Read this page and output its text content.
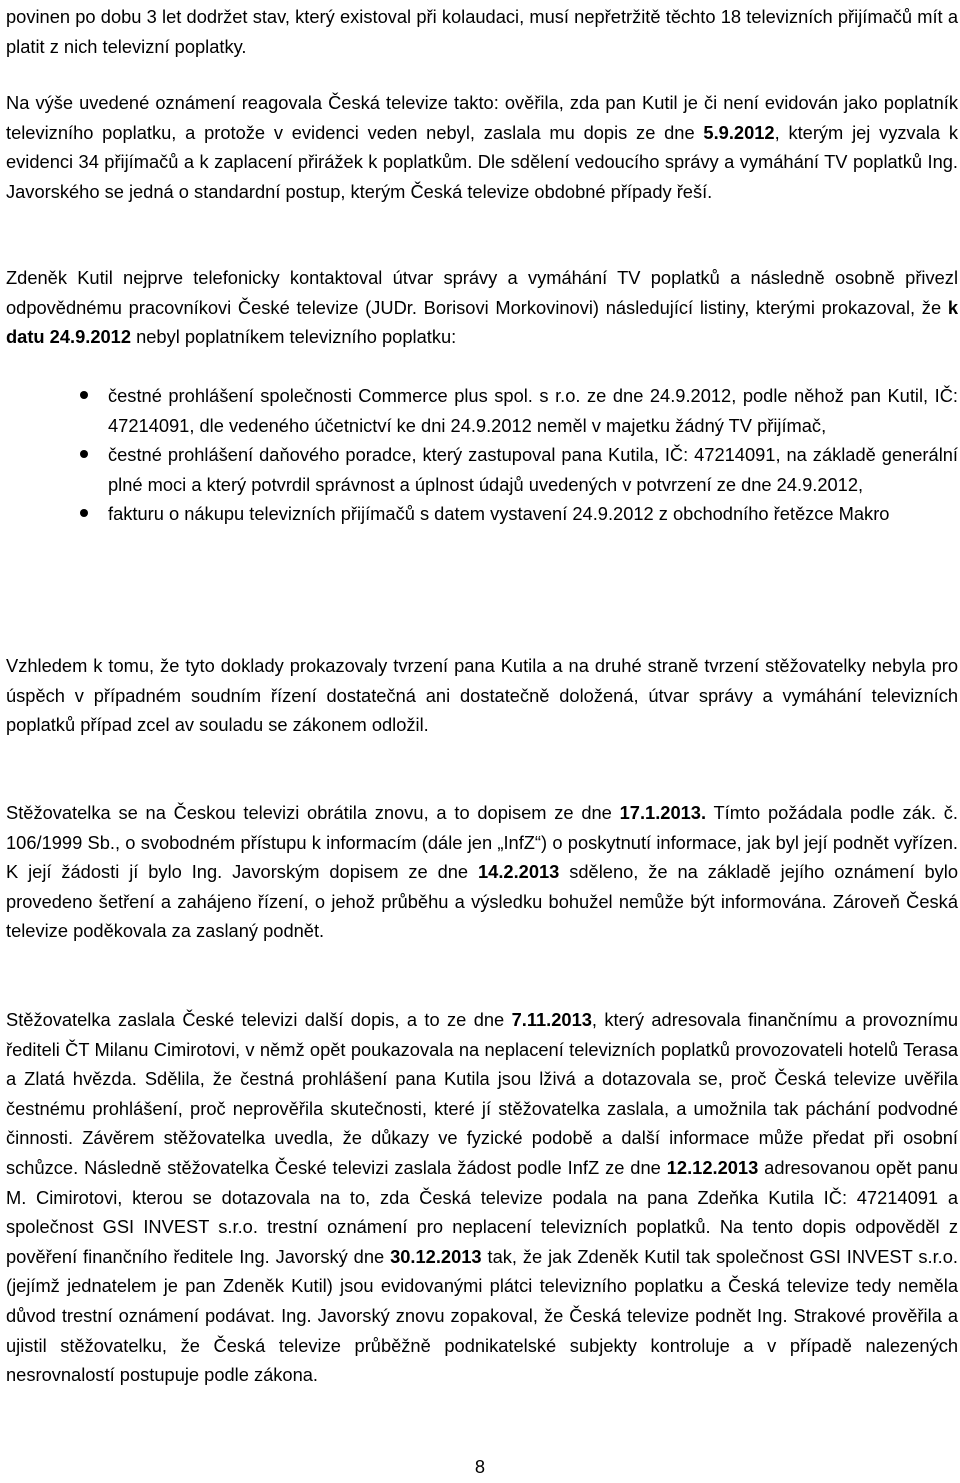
povinen po dobu 3 let dodržet stav, který existoval při kolaudaci, musí nepřetržitě těchto 18 televizních přijímačů mít a platit z nich televizní poplatky.

Na výše uvedené oznámení reagovala Česká televize takto: ověřila, zda pan Kutil je či není evidován jako poplatník televizního poplatku, a protože v evidenci veden nebyl, zaslala mu dopis ze dne 5.9.2012, kterým jej vyzvala k evidenci 34 přijímačů a k zaplacení přirážek k poplatkům. Dle sdělení vedoucího správy a vymáhání TV poplatků Ing. Javorského se jedná o standardní postup, kterým Česká televize obdobné případy řeší.

Zdeněk Kutil nejprve telefonicky kontaktoval útvar správy a vymáhání TV poplatků a následně osobně přivezl odpovědnému pracovníkovi České televize (JUDr. Borisovi Morkovinovi) následující listiny, kterými prokazoval, že k datu 24.9.2012 nebyl poplatníkem televizního poplatku:

čestné prohlášení společnosti Commerce plus spol. s r.o. ze dne 24.9.2012, podle něhož pan Kutil, IČ: 47214091, dle vedeného účetnictví ke dni 24.9.2012 neměl v majetku žádný TV přijímač,
čestné prohlášení daňového poradce, který zastupoval pana Kutila, IČ: 47214091, na základě generální plné moci a který potvrdil správnost a úplnost údajů uvedených v potvrzení ze dne 24.9.2012,
fakturu o nákupu televizních přijímačů s datem vystavení 24.9.2012 z obchodního řetězce Makro

Vzhledem k tomu, že tyto doklady prokazovaly tvrzení pana Kutila a na druhé straně tvrzení stěžovatelky nebyla pro úspěch v případném soudním řízení dostatečná ani dostatečně doložená, útvar správy a vymáhání televizních poplatků případ zcel av souladu se zákonem odložil.

Stěžovatelka se na Českou televizi obrátila znovu, a to dopisem ze dne 17.1.2013. Tímto požádala podle zák. č. 106/1999 Sb., o svobodném přístupu k informacím (dále jen „InfZ“) o poskytnutí informace, jak byl její podnět vyřízen. K její žádosti jí bylo Ing. Javorským dopisem ze dne 14.2.2013 sděleno, že na základě jejího oznámení bylo provedeno šetření a zahájeno řízení, o jehož průběhu a výsledku bohužel nemůže být informována. Zároveň Česká televize poděkovala za zaslaný podnět.

Stěžovatelka zaslala České televizi další dopis, a to ze dne 7.11.2013, který adresovala finančnímu a provoznímu řediteli ČT Milanu Cimirotovi, v němž opět poukazovala na neplacení televizních poplatků provozovateli hotelů Terasa a Zlatá hvězda. Sdělila, že čestná prohlášení pana Kutila jsou lživá a dotazovala se, proč Česká televize uvěřila čestnému prohlášení, proč neprověřila skutečnosti, které jí stěžovatelka zaslala, a umožnila tak páchání podvodné činnosti. Závěrem stěžovatelka uvedla, že důkazy ve fyzické podobě a další informace může předat při osobní schůzce. Následně stěžovatelka České televizi zaslala žádost podle InfZ ze dne 12.12.2013 adresovanou opět panu M. Cimirotovi, kterou se dotazovala na to, zda Česká televize podala na pana Zdeňka Kutila IČ: 47214091 a společnost GSI INVEST s.r.o. trestní oznámení pro neplacení televizních poplatků. Na tento dopis odpověděl z pověření finančního ředitele Ing. Javorský dne 30.12.2013 tak, že jak Zdeněk Kutil tak společnost GSI INVEST s.r.o. (jejímž jednatelem je pan Zdeněk Kutil) jsou evidovanými plátci televizního poplatku a Česká televize tedy neměla důvod trestní oznámení podávat. Ing. Javorský znovu zopakoval, že Česká televize podnět Ing. Strakové prověřila a ujistil stěžovatelku, že Česká televize průběžně podnikatelské subjekty kontroluje a v případě nalezených nesrovnalostí postupuje podle zákona.

8
